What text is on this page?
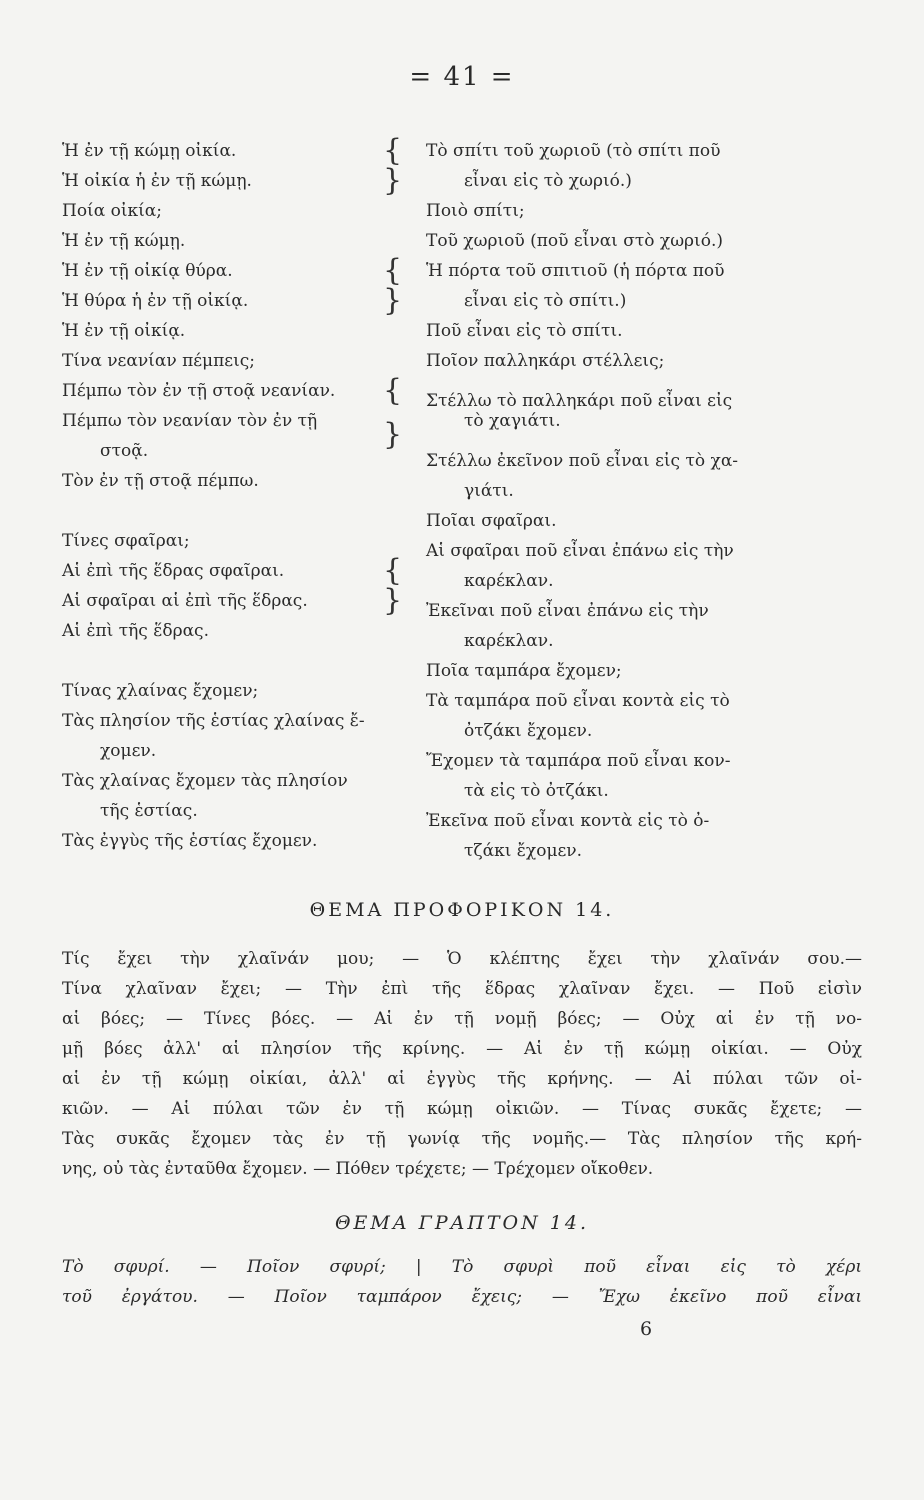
= 41 =
Ἡ ἐν τῇ κώμῃ οἰκία.
Ἡ οἰκία ἡ ἐν τῇ κώμῃ.
Ποία οἰκία;
Ἡ ἐν τῇ κώμῃ.
Ἡ ἐν τῇ οἰκίᾳ θύρα.
Ἡ θύρα ἡ ἐν τῇ οἰκίᾳ.
Ἡ ἐν τῇ οἰκίᾳ.
Τίνα νεανίαν πέμπεις;
Πέμπω τὸν ἐν τῇ στοᾷ νεανίαν.
Πέμπω τὸν νεανίαν τὸν ἐν τῇ
στοᾷ.
Τὸν ἐν τῇ στοᾷ πέμπω.
Τίνες σφαῖραι;
Αἱ ἐπὶ τῆς ἕδρας σφαῖραι.
Αἱ σφαῖραι αἱ ἐπὶ τῆς ἕδρας.
Αἱ ἐπὶ τῆς ἕδρας.
Τίνας χλαίνας ἔχομεν;
Τὰς πλησίον τῆς ἑστίας χλαίνας ἔ-
χομεν.
Τὰς χλαίνας ἔχομεν τὰς πλησίον
τῆς ἑστίας.
Τὰς ἐγγὺς τῆς ἑστίας ἔχομεν.
{
}
{
}
{
}
{
}
Τὸ σπίτι τοῦ χωριοῦ (τὸ σπίτι ποῦ
εἶναι εἰς τὸ χωριό.)
Ποιὸ σπίτι;
Τοῦ χωριοῦ (ποῦ εἶναι στὸ χωριό.)
Ἡ πόρτα τοῦ σπιτιοῦ (ἡ πόρτα ποῦ
εἶναι εἰς τὸ σπίτι.)
Ποῦ εἶναι εἰς τὸ σπίτι.
Ποῖον παλληκάρι στέλλεις;
Στέλλω τὸ παλληκάρι ποῦ εἶναι εἰς
τὸ χαγιάτι.
Στέλλω ἐκεῖνον ποῦ εἶναι εἰς τὸ χα-
γιάτι.
Ποῖαι σφαῖραι.
Αἱ σφαῖραι ποῦ εἶναι ἐπάνω εἰς τὴν
καρέκλαν.
Ἐκεῖναι ποῦ εἶναι ἐπάνω εἰς τὴν
καρέκλαν.
Ποῖα ταμπάρα ἔχομεν;
Τὰ ταμπάρα ποῦ εἶναι κοντὰ εἰς τὸ
ὀτζάκι ἔχομεν.
Ἔχομεν τὰ ταμπάρα ποῦ εἶναι κον-
τὰ εἰς τὸ ὀτζάκι.
Ἐκεῖνα ποῦ εἶναι κοντὰ εἰς τὸ ὀ-
τζάκι ἔχομεν.
ΘΕΜΑ ΠΡΟΦΟΡΙΚΟΝ 14.
Τίς ἔχει τὴν χλαῖνάν μου; — Ὁ κλέπτης ἔχει τὴν χλαῖνάν σου.—
Τίνα χλαῖναν ἔχει; — Τὴν ἐπὶ τῆς ἕδρας χλαῖναν ἔχει. — Ποῦ εἰσὶν
αἱ βόες; — Τίνες βόες. — Αἱ ἐν τῇ νομῇ βόες; — Οὐχ αἱ ἐν τῇ νο-
μῇ βόες ἀλλ' αἱ πλησίον τῆς κρίνης. — Αἱ ἐν τῇ κώμῃ οἰκίαι. — Οὐχ
αἱ ἐν τῇ κώμῃ οἰκίαι, ἀλλ' αἱ ἐγγὺς τῆς κρήνης. — Αἱ πύλαι τῶν οἰ-
κιῶν. — Αἱ πύλαι τῶν ἐν τῇ κώμῃ οἰκιῶν. — Τίνας συκᾶς ἔχετε; —
Τὰς συκᾶς ἔχομεν τὰς ἐν τῇ γωνίᾳ τῆς νομῆς.— Τὰς πλησίον τῆς κρή-
νης, οὐ τὰς ἐνταῦθα ἔχομεν. — Πόθεν τρέχετε; — Τρέχομεν οἴκοθεν.
ΘΕΜΑ ΓΡΑΠΤΟΝ 14.
Τὸ σφυρί. — Ποῖον σφυρί; | Τὸ σφυρὶ ποῦ εἶναι εἰς τὸ χέρι
τοῦ ἐργάτου. — Ποῖον ταμπάρον ἔχεις; — Ἔχω ἐκεῖνο ποῦ εἶναι
6
